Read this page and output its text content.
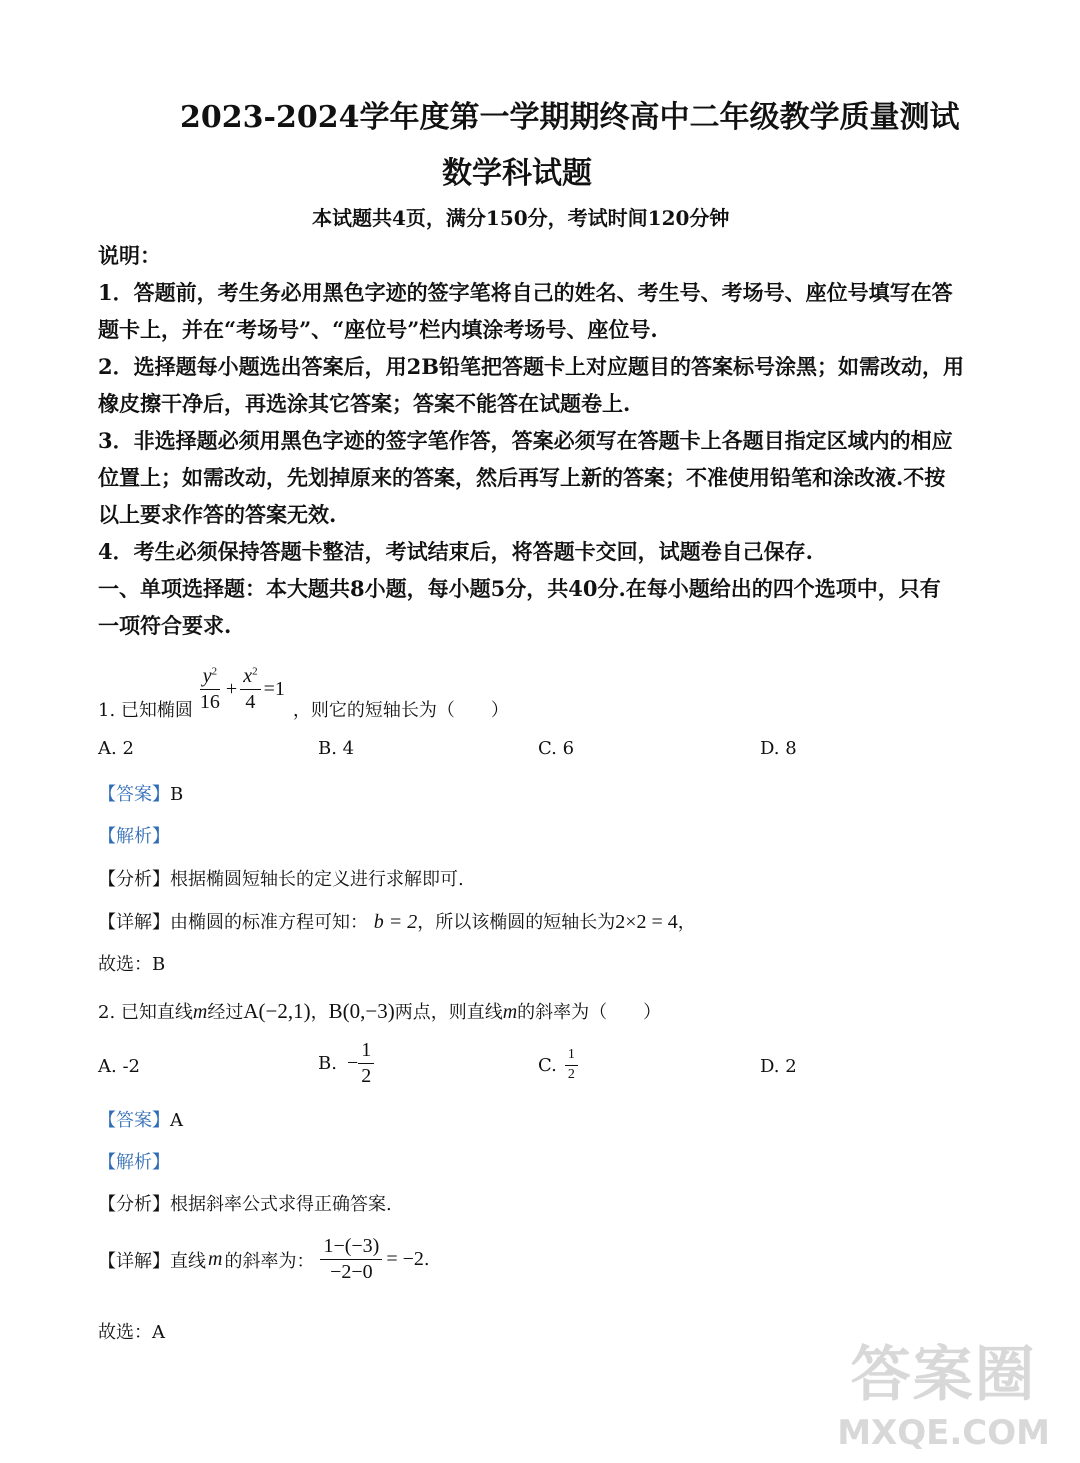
2023-2024学年度第一学期期终高中二年级教学质量测试
数学科试题
本试题共4页，满分150分，考试时间120分钟
说明：
1．答题前，考生务必用黑色字迹的签字笔将自己的姓名、考生号、考场号、座位号填写在答
题卡上，并在“考场号”、“座位号”栏内填涂考场号、座位号.
2．选择题每小题选出答案后，用2B铅笔把答题卡上对应题目的答案标号涂黑；如需改动，用
橡皮擦干净后，再选涂其它答案；答案不能答在试题卷上.
3．非选择题必须用黑色字迹的签字笔作答，答案必须写在答题卡上各题目指定区域内的相应
位置上；如需改动，先划掉原来的答案，然后再写上新的答案；不准使用铅笔和涂改液.不按
以上要求作答的答案无效.
4．考生必须保持答题卡整洁，考试结束后，将答题卡交回，试题卷自己保存.
一、单项选择题：本大题共8小题，每小题5分，共40分.在每小题给出的四个选项中，只有
一项符合要求.
1. 已知椭圆 $\frac{y^2}{16} + \frac{x^2}{4} =1$
，则它的短轴长为（　　）
A. 2	B. 4	C. 6	D. 8
【答案】B
【解析】
【分析】根据椭圆短轴长的定义进行求解即可.
【详解】由椭圆的标准方程可知： b = 2，所以该椭圆的短轴长为2×2 = 4，
故选：B
2. 已知直线m经过A(−2,1)，B(0,−3)两点，则直线m的斜率为（　　）
A. -2	B. − $\frac{1}{2}$	C. $\frac{1}{2}$	D. 2
【答案】A
【解析】
【分析】根据斜率公式求得正确答案.
【详解】 直线 m 的斜率为： $\frac{1-(-3)}{-2-0} = -2$ .
故选：A
答案圈
MXQE.COM
